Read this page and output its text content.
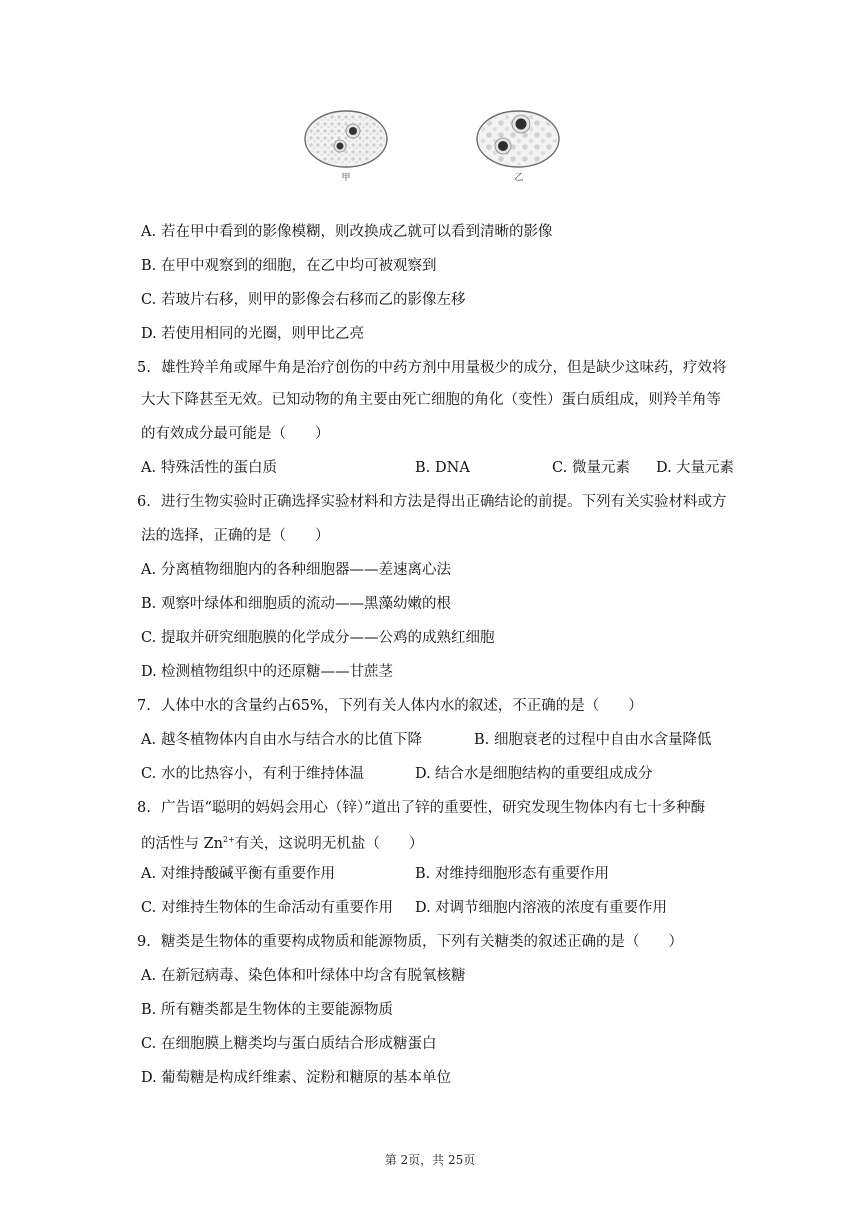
甲	乙
A. 若在甲中看到的影像模糊，则改换成乙就可以看到清晰的影像
B. 在甲中观察到的细胞，在乙中均可被观察到
C. 若玻片右移，则甲的影像会右移而乙的影像左移
D. 若使用相同的光圈，则甲比乙亮
5. 雄性羚羊角或犀牛角是治疗创伤的中药方剂中用量极少的成分，但是缺少这味药，疗效将
大大下降甚至无效。已知动物的角主要由死亡细胞的角化（变性）蛋白质组成，则羚羊角等
的有效成分最可能是（　　）
A. 特殊活性的蛋白质	B. DNA	C. 微量元素 D. 大量元素
6. 进行生物实验时正确选择实验材料和方法是得出正确结论的前提。下列有关实验材料或方
法的选择，正确的是（　　）
A. 分离植物细胞内的各种细胞器——差速离心法
B. 观察叶绿体和细胞质的流动——黑藻幼嫩的根
C. 提取并研究细胞膜的化学成分——公鸡的成熟红细胞
D. 检测植物组织中的还原糖——甘蔗茎
7. 人体中水的含量约占65%，下列有关人体内水的叙述，不正确的是（　　）
A. 越冬植物体内自由水与结合水的比值下降	B. 细胞衰老的过程中自由水含量降低
C. 水的比热容小，有利于维持体温	D. 结合水是细胞结构的重要组成成分
8. 广告语“聪明的妈妈会用心（锌）”道出了锌的重要性，研究发现生物体内有七十多种酶
的活性与 $Zn^{2+}$有关，这说明无机盐（　　）
A. 对维持酸碱平衡有重要作用	B. 对维持细胞形态有重要作用
C. 对维持生物体的生命活动有重要作用 D. 对调节细胞内溶液的浓度有重要作用
9. 糖类是生物体的重要构成物质和能源物质，下列有关糖类的叙述正确的是（　　）
A. 在新冠病毒、染色体和叶绿体中均含有脱氧核糖
B. 所有糖类都是生物体的主要能源物质
C. 在细胞膜上糖类均与蛋白质结合形成糖蛋白
D. 葡萄糖是构成纤维素、淀粉和糖原的基本单位
第 2页，共 25页
